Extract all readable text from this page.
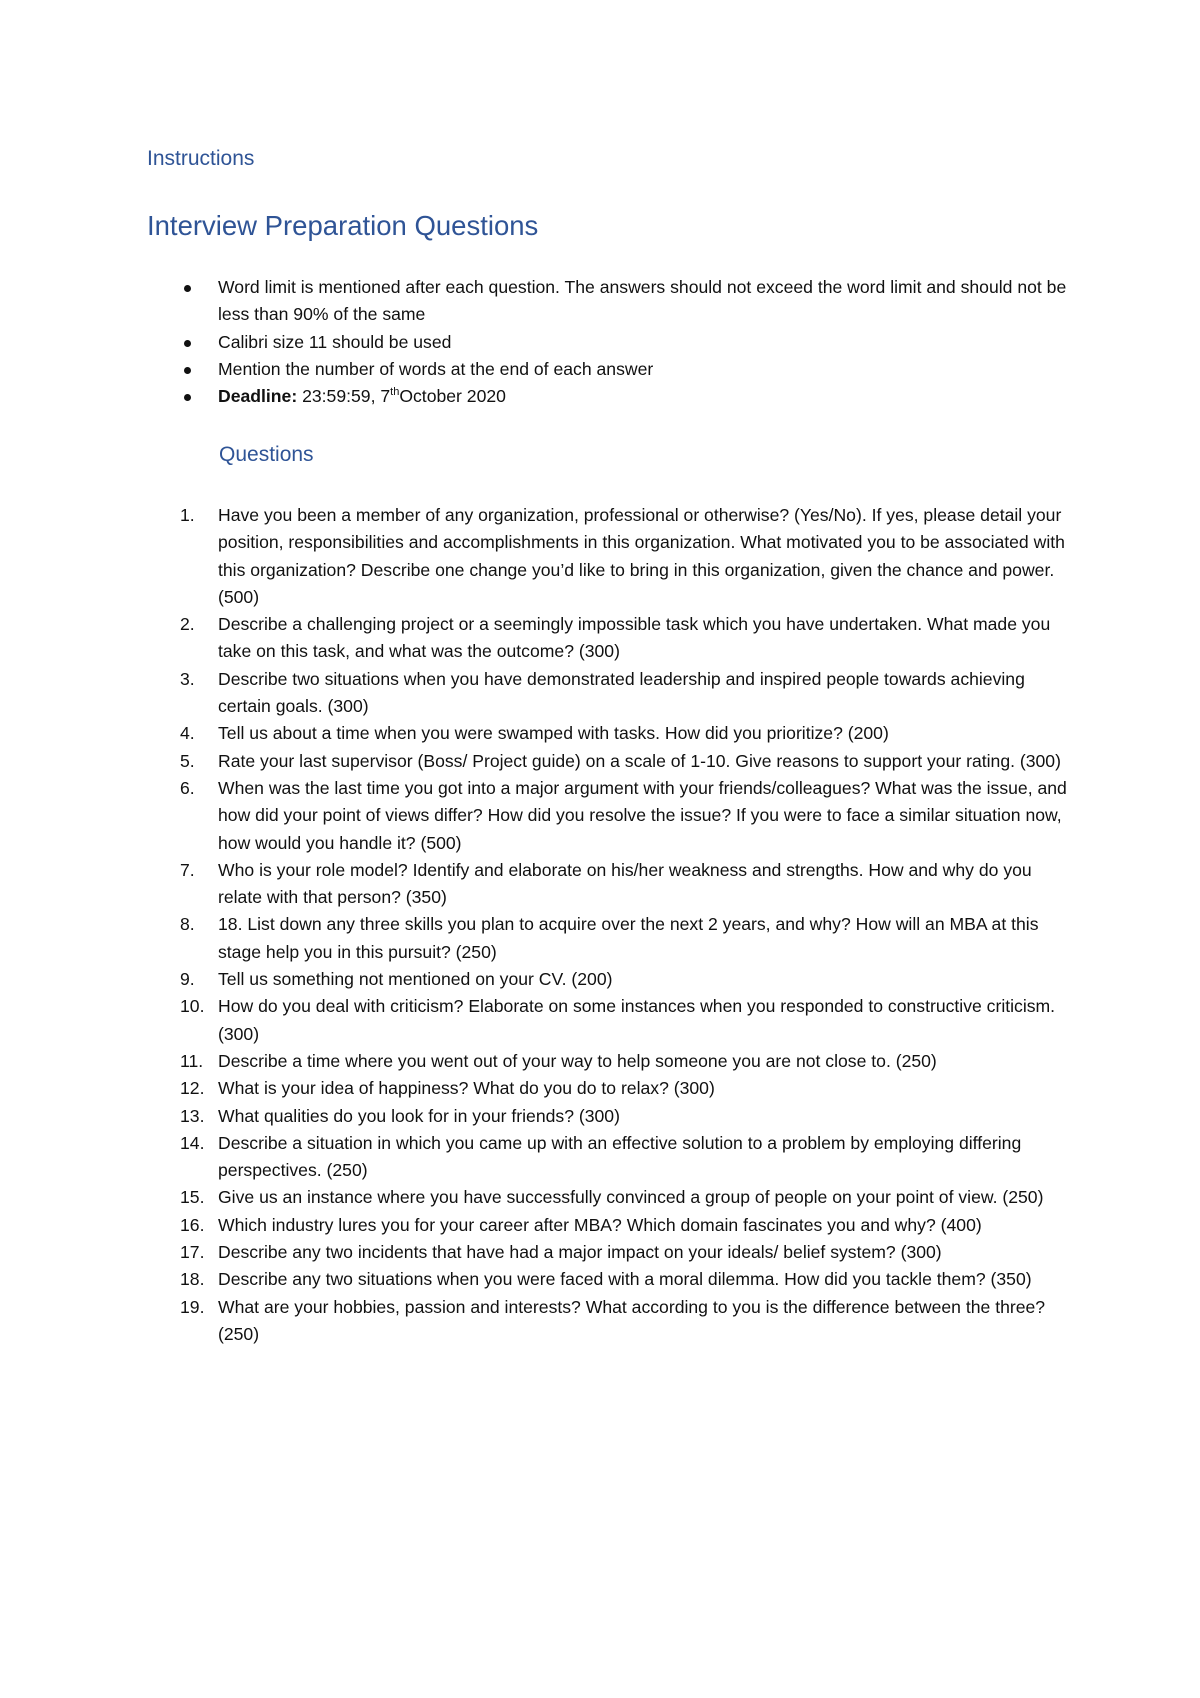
Instructions
Interview Preparation Questions
Word limit is mentioned after each question. The answers should not exceed the word limit and should not be less than 90% of the same
Calibri size 11 should be used
Mention the number of words at the end of each answer
Deadline: 23:59:59, 7thOctober 2020
Questions
1. Have you been a member of any organization, professional or otherwise? (Yes/No). If yes, please detail your position, responsibilities and accomplishments in this organization. What motivated you to be associated with this organization? Describe one change you’d like to bring in this organization, given the chance and power. (500)
2. Describe a challenging project or a seemingly impossible task which you have undertaken. What made you take on this task, and what was the outcome? (300)
3. Describe two situations when you have demonstrated leadership and inspired people towards achieving certain goals. (300)
4. Tell us about a time when you were swamped with tasks. How did you prioritize? (200)
5. Rate your last supervisor (Boss/ Project guide) on a scale of 1-10. Give reasons to support your rating. (300)
6. When was the last time you got into a major argument with your friends/colleagues? What was the issue, and how did your point of views differ? How did you resolve the issue? If you were to face a similar situation now, how would you handle it? (500)
7. Who is your role model? Identify and elaborate on his/her weakness and strengths. How and why do you relate with that person? (350)
8. 18. List down any three skills you plan to acquire over the next 2 years, and why? How will an MBA at this stage help you in this pursuit? (250)
9. Tell us something not mentioned on your CV. (200)
10. How do you deal with criticism? Elaborate on some instances when you responded to constructive criticism. (300)
11. Describe a time where you went out of your way to help someone you are not close to. (250)
12. What is your idea of happiness? What do you do to relax? (300)
13. What qualities do you look for in your friends? (300)
14. Describe a situation in which you came up with an effective solution to a problem by employing differing perspectives. (250)
15. Give us an instance where you have successfully convinced a group of people on your point of view. (250)
16. Which industry lures you for your career after MBA? Which domain fascinates you and why? (400)
17. Describe any two incidents that have had a major impact on your ideals/ belief system? (300)
18. Describe any two situations when you were faced with a moral dilemma. How did you tackle them? (350)
19. What are your hobbies, passion and interests? What according to you is the difference between the three? (250)
